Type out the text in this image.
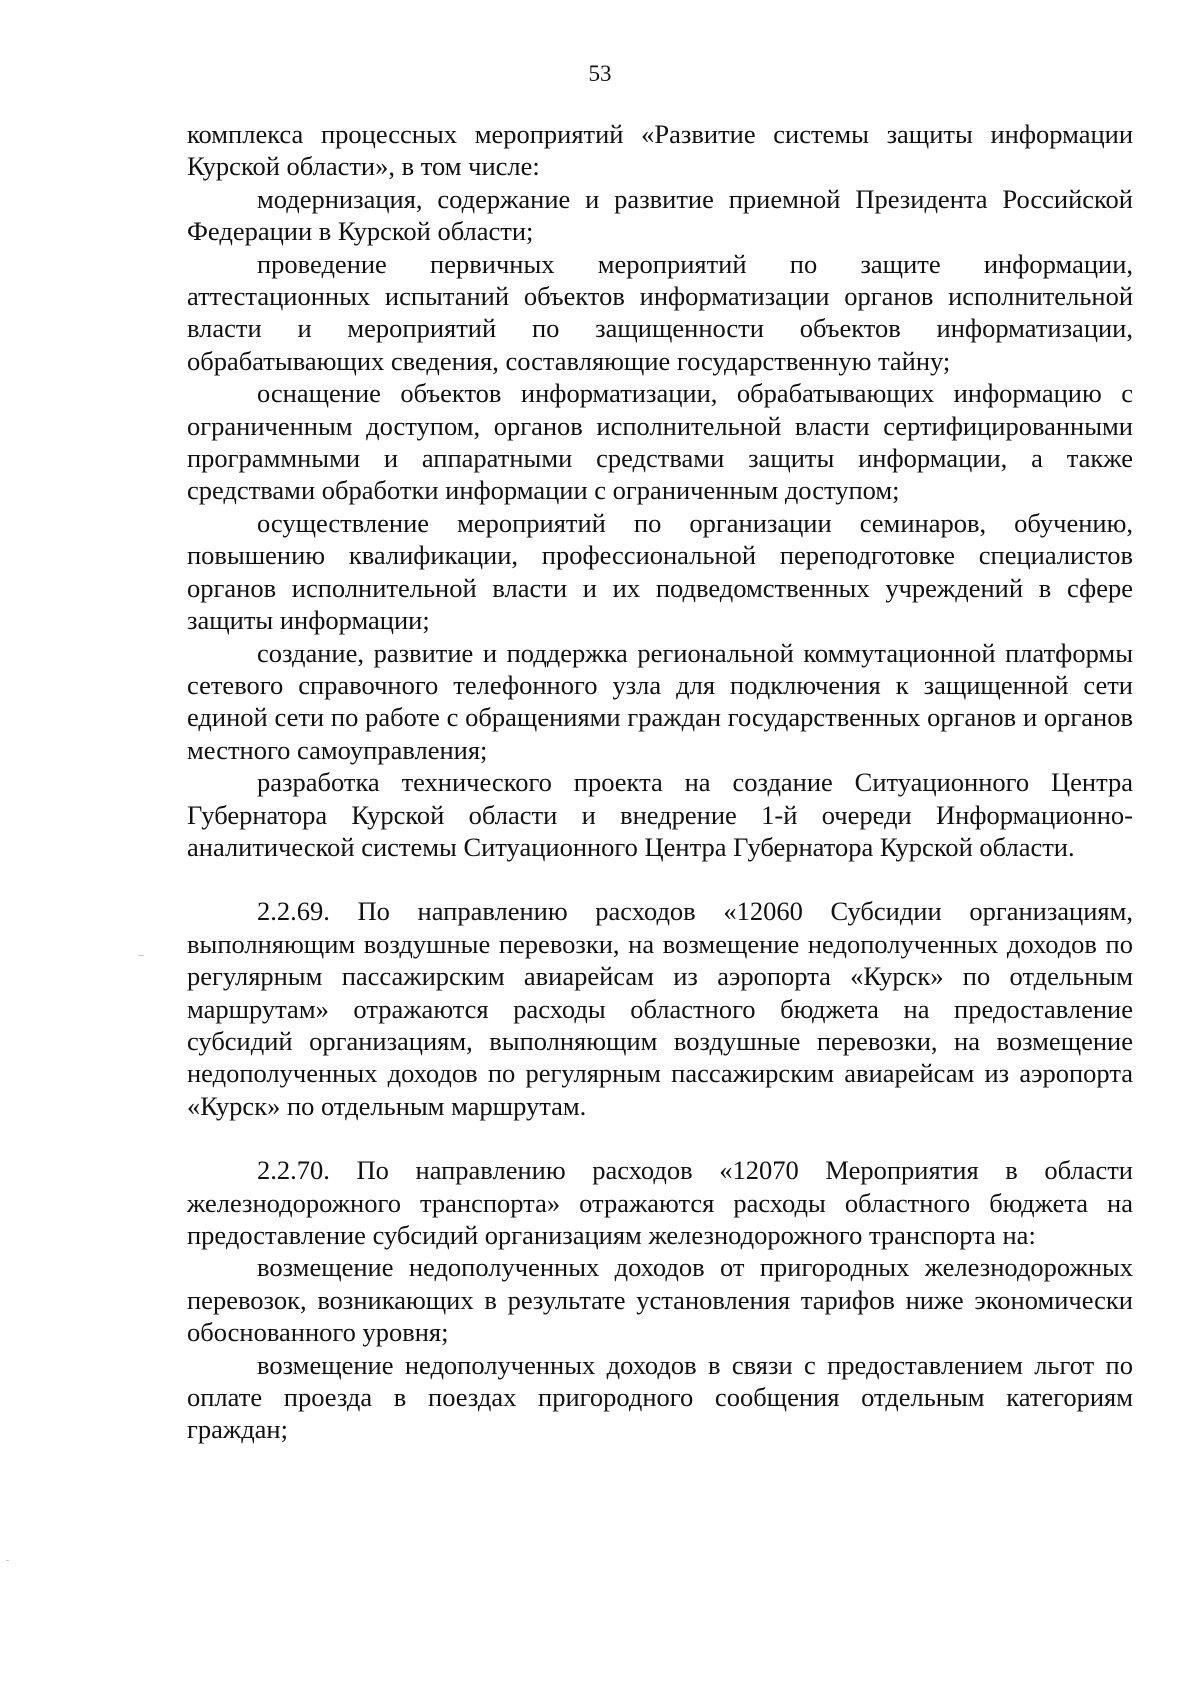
53

комплекса процессных мероприятий «Развитие системы защиты информации Курской области», в том числе:

модернизация, содержание и развитие приемной Президента Российской Федерации в Курской области;

проведение первичных мероприятий по защите информации, аттестационных испытаний объектов информатизации органов исполнительной власти и мероприятий по защищенности объектов информатизации, обрабатывающих сведения, составляющие государственную тайну;

оснащение объектов информатизации, обрабатывающих информацию с ограниченным доступом, органов исполнительной власти сертифицированными программными и аппаратными средствами защиты информации, а также средствами обработки информации с ограниченным доступом;

осуществление мероприятий по организации семинаров, обучению, повышению квалификации, профессиональной переподготовке специалистов органов исполнительной власти и их подведомственных учреждений в сфере защиты информации;

создание, развитие и поддержка региональной коммутационной платформы сетевого справочного телефонного узла для подключения к защищенной сети единой сети по работе с обращениями граждан государственных органов и органов местного самоуправления;

разработка технического проекта на создание Ситуационного Центра Губернатора Курской области и внедрение 1-й очереди Информационно-аналитической системы Ситуационного Центра Губернатора Курской области.

2.2.69. По направлению расходов «12060 Субсидии организациям, выполняющим воздушные перевозки, на возмещение недополученных доходов по регулярным пассажирским авиарейсам из аэропорта «Курск» по отдельным маршрутам» отражаются расходы областного бюджета на предоставление субсидий организациям, выполняющим воздушные перевозки, на возмещение недополученных доходов по регулярным пассажирским авиарейсам из аэропорта «Курск» по отдельным маршрутам.

2.2.70. По направлению расходов «12070 Мероприятия в области железнодорожного транспорта» отражаются расходы областного бюджета на предоставление субсидий организациям железнодорожного транспорта на:

возмещение недополученных доходов от пригородных железнодорожных перевозок, возникающих в результате установления тарифов ниже экономически обоснованного уровня;

возмещение недополученных доходов в связи с предоставлением льгот по оплате проезда в поездах пригородного сообщения отдельным категориям граждан;
